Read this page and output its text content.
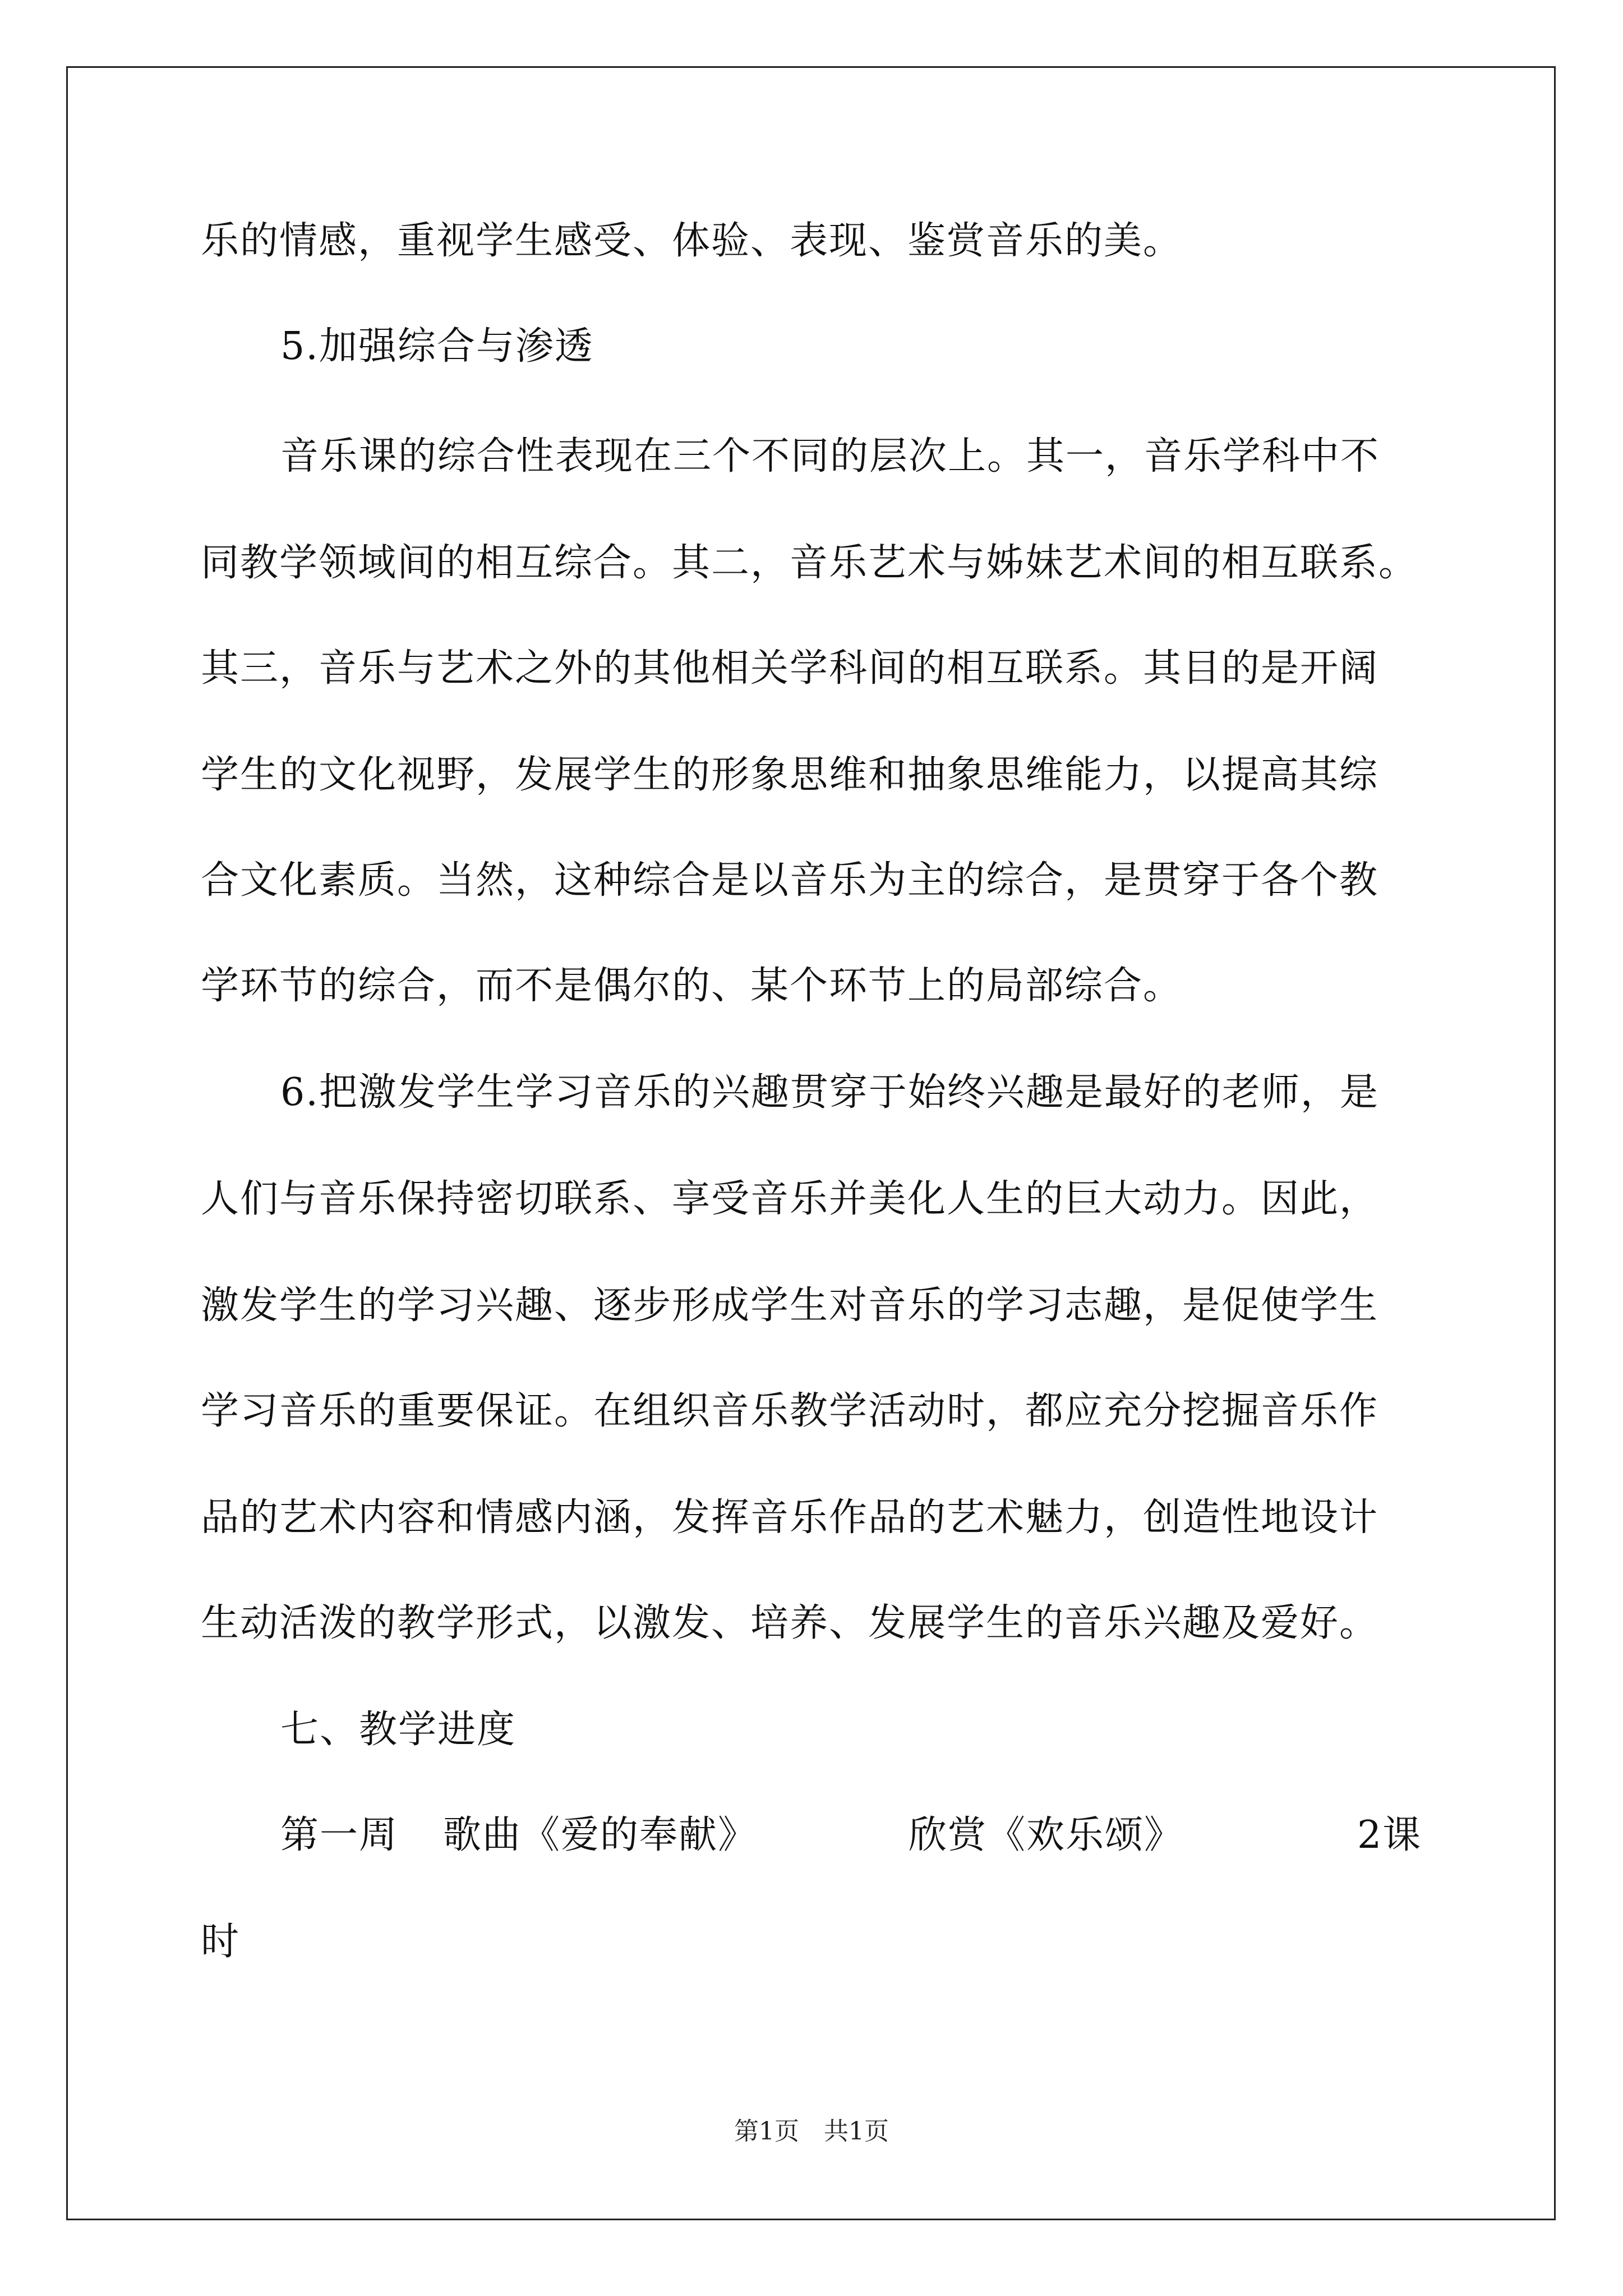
乐的情感，重视学生感受、体验、表现、鉴赏音乐的美。
5.加强综合与渗透
音乐课的综合性表现在三个不同的层次上。其一，音乐学科中不
同教学领域间的相互综合。其二，音乐艺术与姊妹艺术间的相互联系。
其三，音乐与艺术之外的其他相关学科间的相互联系。其目的是开阔
学生的文化视野，发展学生的形象思维和抽象思维能力，以提高其综
合文化素质。当然，这种综合是以音乐为主的综合，是贯穿于各个教
学环节的综合，而不是偶尔的、某个环节上的局部综合。
6.把激发学生学习音乐的兴趣贯穿于始终兴趣是最好的老师，是
人们与音乐保持密切联系、享受音乐并美化人生的巨大动力。因此，
激发学生的学习兴趣、逐步形成学生对音乐的学习志趣，是促使学生
学习音乐的重要保证。在组织音乐教学活动时，都应充分挖掘音乐作
品的艺术内容和情感内涵，发挥音乐作品的艺术魅力，创造性地设计
生动活泼的教学形式，以激发、培养、发展学生的音乐兴趣及爱好。
七、教学进度
第一周 歌曲《爱的奉献》	欣赏《欢乐颂》	2课
时
第1页　共1页
